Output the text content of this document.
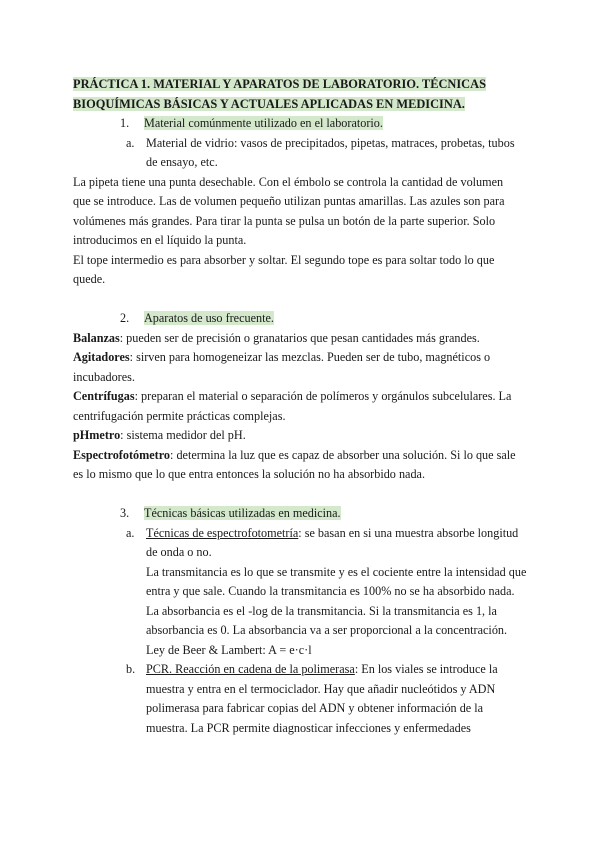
PRÁCTICA 1. MATERIAL Y APARATOS DE LABORATORIO. TÉCNICAS
BIOQUÍMICAS BÁSICAS Y ACTUALES APLICADAS EN MEDICINA.
1. Material comúnmente utilizado en el laboratorio.
a. Material de vidrio: vasos de precipitados, pipetas, matraces, probetas, tubos
de ensayo, etc.
La pipeta tiene una punta desechable. Con el émbolo se controla la cantidad de volumen
que se introduce. Las de volumen pequeño utilizan puntas amarillas. Las azules son para
volúmenes más grandes. Para tirar la punta se pulsa un botón de la parte superior. Solo
introducimos en el líquido la punta.
El tope intermedio es para absorber y soltar. El segundo tope es para soltar todo lo que
quede.
2. Aparatos de uso frecuente.
Balanzas: pueden ser de precisión o granatarios que pesan cantidades más grandes.
Agitadores: sirven para homogeneizar las mezclas. Pueden ser de tubo, magnéticos o
incubadores.
Centrífugas: preparan el material o separación de polímeros y orgánulos subcelulares. La
centrifugación permite prácticas complejas.
pHmetro: sistema medidor del pH.
Espectrofotómetro: determina la luz que es capaz de absorber una solución. Si lo que sale
es lo mismo que lo que entra entonces la solución no ha absorbido nada.
3. Técnicas básicas utilizadas en medicina.
a. Técnicas de espectrofotometría: se basan en si una muestra absorbe longitud
de onda o no.
La transmitancia es lo que se transmite y es el cociente entre la intensidad que
entra y que sale. Cuando la transmitancia es 100% no se ha absorbido nada.
La absorbancia es el -log de la transmitancia. Si la transmitancia es 1, la
absorbancia es 0. La absorbancia va a ser proporcional a la concentración.
Ley de Beer & Lambert: A = e·c·l
b. PCR. Reacción en cadena de la polimerasa: En los viales se introduce la
muestra y entra en el termociclador. Hay que añadir nucleótidos y ADN
polimerasa para fabricar copias del ADN y obtener información de la
muestra. La PCR permite diagnosticar infecciones y enfermedades
